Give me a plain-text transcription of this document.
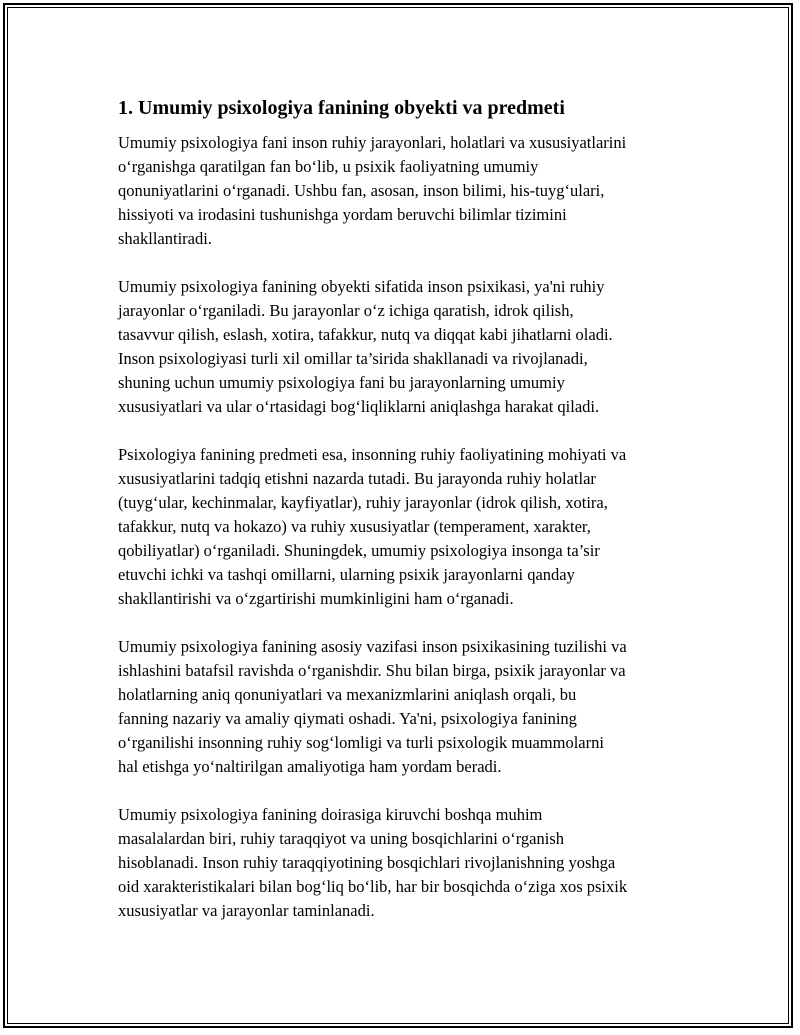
1. Umumiy psixologiya fanining obyekti va predmeti

Umumiy psixologiya fani inson ruhiy jarayonlari, holatlari va xususiyatlarini
o‘rganishga qaratilgan fan bo‘lib, u psixik faoliyatning umumiy
qonuniyatlarini o‘rganadi. Ushbu fan, asosan, inson bilimi, his-tuyg‘ulari,
hissiyoti va irodasini tushunishga yordam beruvchi bilimlar tizimini
shakllantiradi.

Umumiy psixologiya fanining obyekti sifatida inson psixikasi, ya'ni ruhiy
jarayonlar o‘rganiladi. Bu jarayonlar o‘z ichiga qaratish, idrok qilish,
tasavvur qilish, eslash, xotira, tafakkur, nutq va diqqat kabi jihatlarni oladi.
Inson psixologiyasi turli xil omillar ta’sirida shakllanadi va rivojlanadi,
shuning uchun umumiy psixologiya fani bu jarayonlarning umumiy
xususiyatlari va ular o‘rtasidagi bog‘liqliklarni aniqlashga harakat qiladi.

Psixologiya fanining predmeti esa, insonning ruhiy faoliyatining mohiyati va
xususiyatlarini tadqiq etishni nazarda tutadi. Bu jarayonda ruhiy holatlar
(tuyg‘ular, kechinmalar, kayfiyatlar), ruhiy jarayonlar (idrok qilish, xotira,
tafakkur, nutq va hokazo) va ruhiy xususiyatlar (temperament, xarakter,
qobiliyatlar) o‘rganiladi. Shuningdek, umumiy psixologiya insonga ta’sir
etuvchi ichki va tashqi omillarni, ularning psixik jarayonlarni qanday
shakllantirishi va o‘zgartirishi mumkinligini ham o‘rganadi.

Umumiy psixologiya fanining asosiy vazifasi inson psixikasining tuzilishi va
ishlashini batafsil ravishda o‘rganishdir. Shu bilan birga, psixik jarayonlar va
holatlarning aniq qonuniyatlari va mexanizmlarini aniqlash orqali, bu
fanning nazariy va amaliy qiymati oshadi. Ya'ni, psixologiya fanining
o‘rganilishi insonning ruhiy sog‘lomligi va turli psixologik muammolarni
hal etishga yo‘naltirilgan amaliyotiga ham yordam beradi.

Umumiy psixologiya fanining doirasiga kiruvchi boshqa muhim
masalalardan biri, ruhiy taraqqiyot va uning bosqichlarini o‘rganish
hisoblanadi. Inson ruhiy taraqqiyotining bosqichlari rivojlanishning yoshga
oid xarakteristikalari bilan bog‘liq bo‘lib, har bir bosqichda o‘ziga xos psixik
xususiyatlar va jarayonlar taminlanadi.
